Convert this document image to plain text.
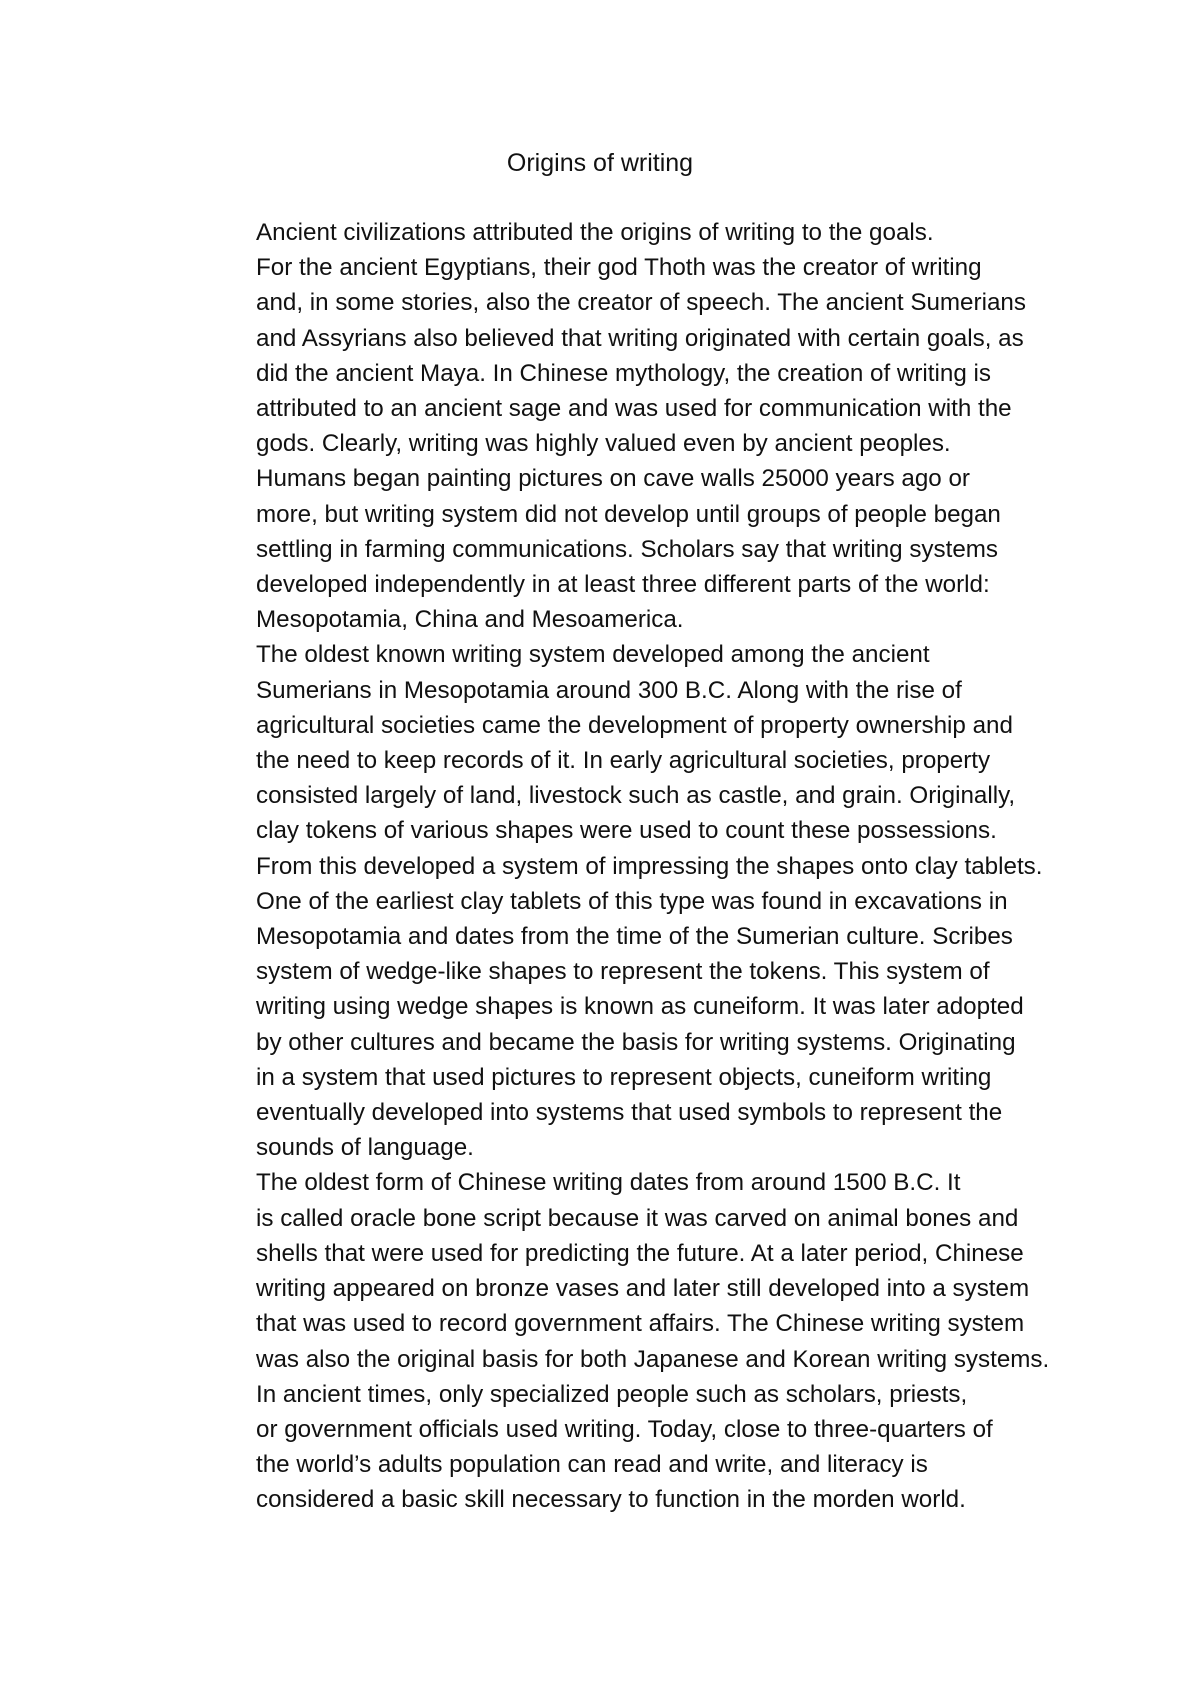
Origins of writing

Ancient civilizations attributed the origins of writing to the goals.
For the ancient Egyptians, their god Thoth was the creator of writing
and, in some stories, also the creator of speech. The ancient Sumerians
and Assyrians also believed that writing originated with certain goals, as
did the ancient Maya. In Chinese mythology, the creation of writing is
attributed to an ancient sage and was used for communication with the
gods. Clearly, writing was highly valued even by ancient peoples.

Humans began painting pictures on cave walls 25000 years ago or
more, but writing system did not develop until groups of people began
settling in farming communications. Scholars say that writing systems
developed independently in at least three different parts of the world:
Mesopotamia, China and Mesoamerica.

The oldest known writing system developed among the ancient
Sumerians in Mesopotamia around 300 B.C. Along with the rise of
agricultural societies came the development of property ownership and
the need to keep records of it. In early agricultural societies, property
consisted largely of land, livestock such as castle, and grain. Originally,
clay tokens of various shapes were used to count these possessions.
From this developed a system of impressing the shapes onto clay tablets.
One of the earliest clay tablets of this type was found in excavations in
Mesopotamia and dates from the time of the Sumerian culture. Scribes
system of wedge-like shapes to represent the tokens. This system of
writing using wedge shapes is known as cuneiform. It was later adopted
by other cultures and became the basis for writing systems. Originating
in a system that used pictures to represent objects, cuneiform writing
eventually developed into systems that used symbols to represent the
sounds of language.

The oldest form of Chinese writing dates from around 1500 B.C. It
is called oracle bone script because it was carved on animal bones and
shells that were used for predicting the future. At a later period, Chinese
writing appeared on bronze vases and later still developed into a system
that was used to record government affairs. The Chinese writing system
was also the original basis for both Japanese and Korean writing systems.

In ancient times, only specialized people such as scholars, priests,
or government officials used writing. Today, close to three-quarters of
the world’s adults population can read and write, and literacy is
considered a basic skill necessary to function in the morden world.
